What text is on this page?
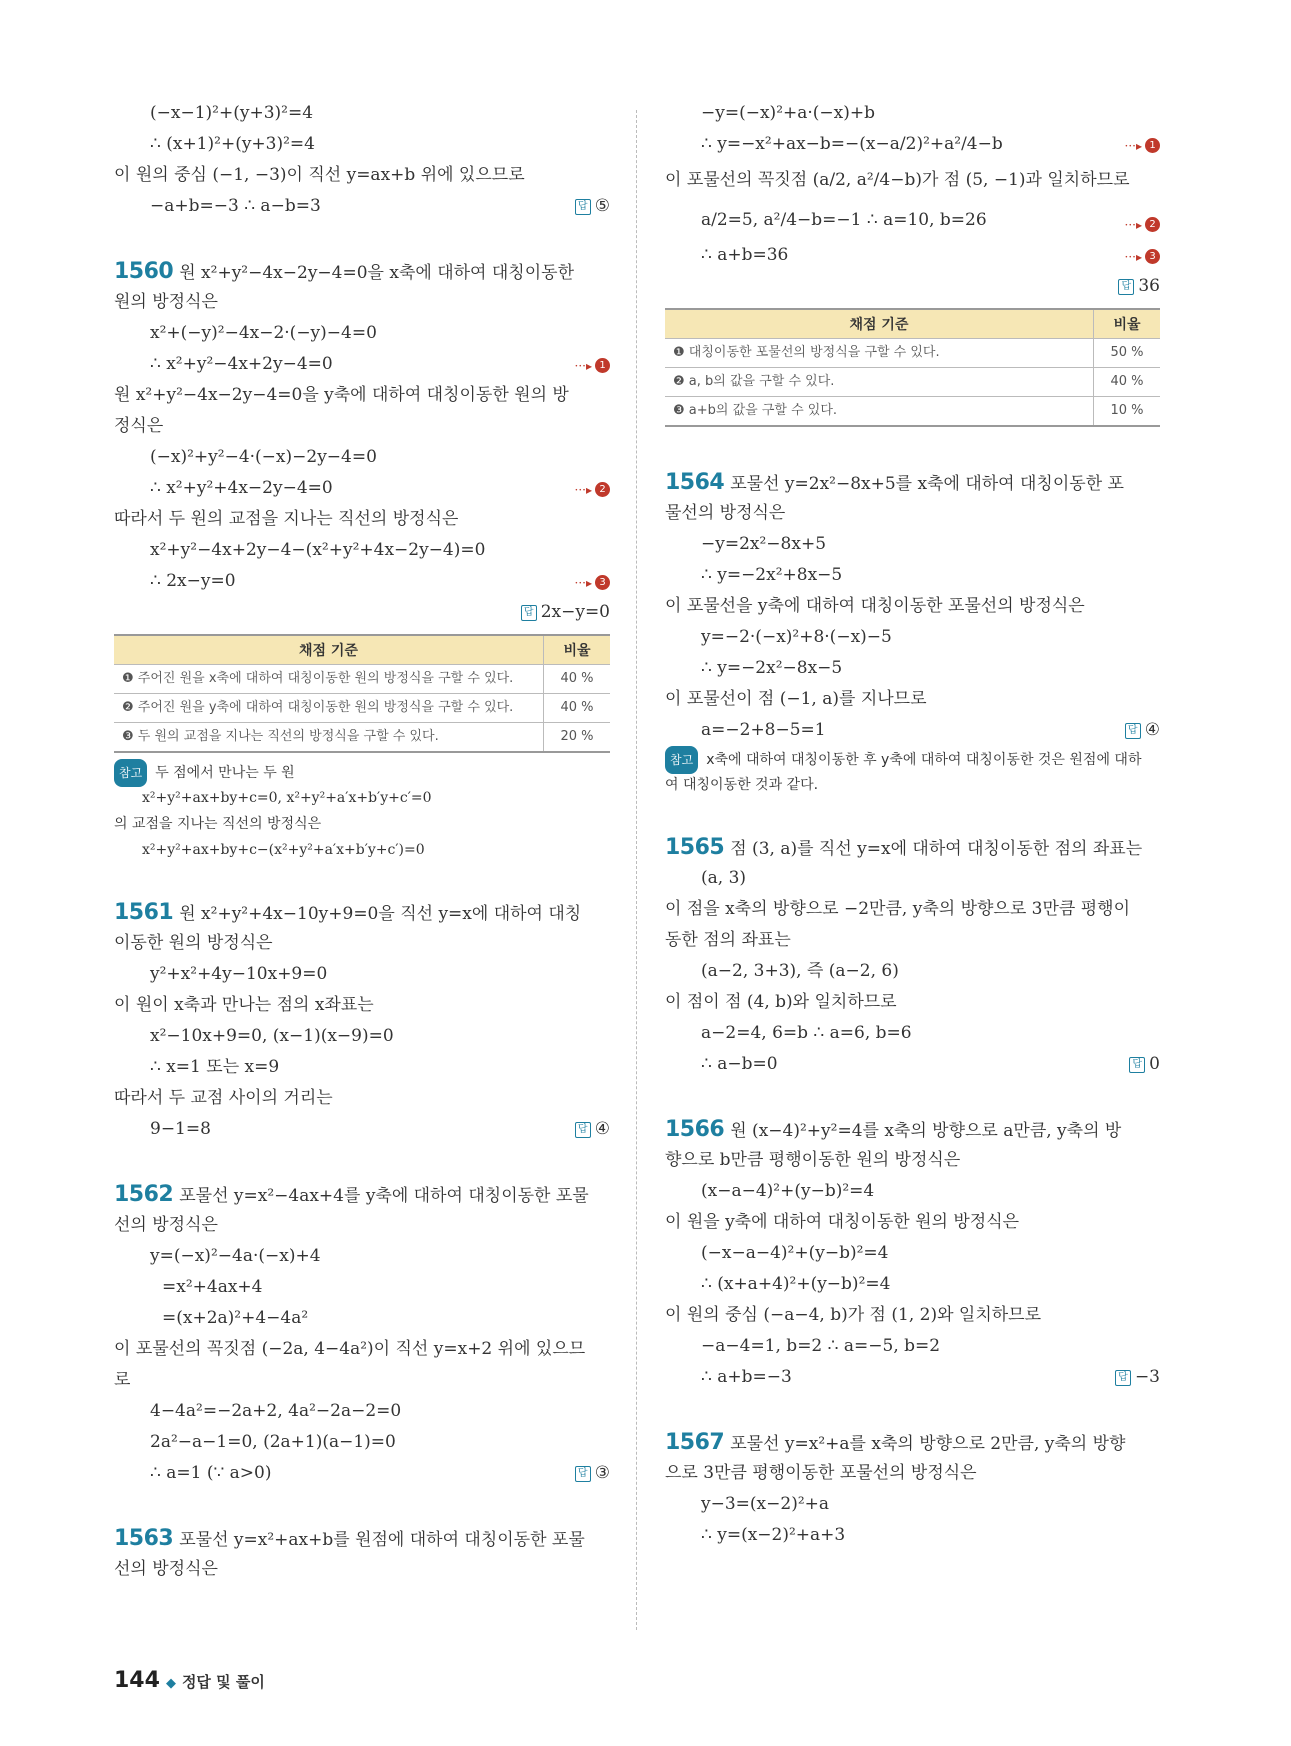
(−x−1)²+(y+3)²=4
∴ (x+1)²+(y+3)²=4
이 원의 중심 (−1, −3)이 직선 y=ax+b 위에 있으므로
−a+b=−3 ∴ a−b=3	답 ⑤
1560 원 x²+y²−4x−2y−4=0을 x축에 대하여 대칭이동한
원의 방정식은
x²+(−y)²−4x−2·(−y)−4=0
∴ x²+y²−4x+2y−4=0	···▸ 1
원 x²+y²−4x−2y−4=0을 y축에 대하여 대칭이동한 원의 방
정식은
(−x)²+y²−4·(−x)−2y−4=0
∴ x²+y²+4x−2y−4=0	···▸ 2
따라서 두 원의 교점을 지나는 직선의 방정식은
x²+y²−4x+2y−4−(x²+y²+4x−2y−4)=0
∴ 2x−y=0	···▸ 3
답 2x−y=0
채점 기준	비율
❶ 주어진 원을 x축에 대하여 대칭이동한 원의 방정식을 구할 수 있다.	40 %
❷ 주어진 원을 y축에 대하여 대칭이동한 원의 방정식을 구할 수 있다.	40 %
❸ 두 원의 교점을 지나는 직선의 방정식을 구할 수 있다.	20 %
참고 두 점에서 만나는 두 원
x²+y²+ax+by+c=0, x²+y²+a′x+b′y+c′=0
의 교점을 지나는 직선의 방정식은
x²+y²+ax+by+c−(x²+y²+a′x+b′y+c′)=0
1561 원 x²+y²+4x−10y+9=0을 직선 y=x에 대하여 대칭
이동한 원의 방정식은
y²+x²+4y−10x+9=0
이 원이 x축과 만나는 점의 x좌표는
x²−10x+9=0, (x−1)(x−9)=0
∴ x=1 또는 x=9
따라서 두 교점 사이의 거리는
9−1=8	답 ④
1562 포물선 y=x²−4ax+4를 y축에 대하여 대칭이동한 포물
선의 방정식은
y=(−x)²−4a·(−x)+4
=x²+4ax+4
=(x+2a)²+4−4a²
이 포물선의 꼭짓점 (−2a, 4−4a²)이 직선 y=x+2 위에 있으므
로
4−4a²=−2a+2, 4a²−2a−2=0
2a²−a−1=0, (2a+1)(a−1)=0
∴ a=1 (∵ a>0)	답 ③
1563 포물선 y=x²+ax+b를 원점에 대하여 대칭이동한 포물
선의 방정식은
−y=(−x)²+a·(−x)+b
∴ y=−x²+ax−b=−(x−a/2)²+a²/4−b	···▸ 1
이 포물선의 꼭짓점 (a/2, a²/4−b)가 점 (5, −1)과 일치하므로
a/2=5, a²/4−b=−1 ∴ a=10, b=26	···▸ 2
∴ a+b=36	···▸ 3
답 36
채점 기준	비율
❶ 대칭이동한 포물선의 방정식을 구할 수 있다.	50 %
❷ a, b의 값을 구할 수 있다.	40 %
❸ a+b의 값을 구할 수 있다.	10 %
1564 포물선 y=2x²−8x+5를 x축에 대하여 대칭이동한 포
물선의 방정식은
−y=2x²−8x+5
∴ y=−2x²+8x−5
이 포물선을 y축에 대하여 대칭이동한 포물선의 방정식은
y=−2·(−x)²+8·(−x)−5
∴ y=−2x²−8x−5
이 포물선이 점 (−1, a)를 지나므로
a=−2+8−5=1	답 ④
참고 x축에 대하여 대칭이동한 후 y축에 대하여 대칭이동한 것은 원점에 대하
여 대칭이동한 것과 같다.
1565 점 (3, a)를 직선 y=x에 대하여 대칭이동한 점의 좌표는
(a, 3)
이 점을 x축의 방향으로 −2만큼, y축의 방향으로 3만큼 평행이
동한 점의 좌표는
(a−2, 3+3), 즉 (a−2, 6)
이 점이 점 (4, b)와 일치하므로
a−2=4, 6=b ∴ a=6, b=6
∴ a−b=0	답 0
1566 원 (x−4)²+y²=4를 x축의 방향으로 a만큼, y축의 방
향으로 b만큼 평행이동한 원의 방정식은
(x−a−4)²+(y−b)²=4
이 원을 y축에 대하여 대칭이동한 원의 방정식은
(−x−a−4)²+(y−b)²=4
∴ (x+a+4)²+(y−b)²=4
이 원의 중심 (−a−4, b)가 점 (1, 2)와 일치하므로
−a−4=1, b=2 ∴ a=−5, b=2
∴ a+b=−3	답 −3
1567 포물선 y=x²+a를 x축의 방향으로 2만큼, y축의 방향
으로 3만큼 평행이동한 포물선의 방정식은
y−3=(x−2)²+a
∴ y=(x−2)²+a+3
144 ◆ 정답 및 풀이
